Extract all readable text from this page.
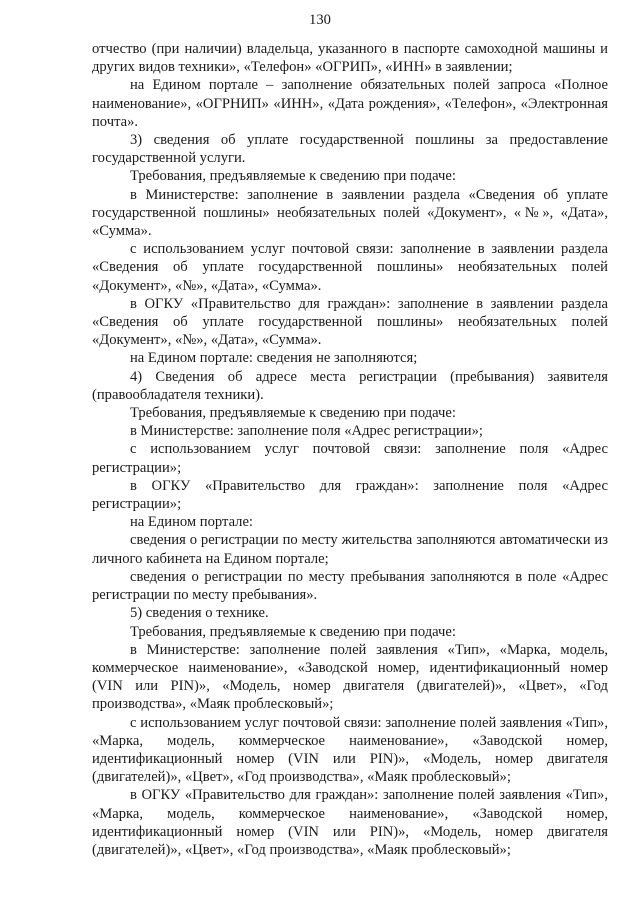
130

отчество (при наличии) владельца, указанного в паспорте самоходной машины и других видов техники», «Телефон» «ОГРИП», «ИНН» в заявлении;

на Едином портале – заполнение обязательных полей запроса «Полное наименование», «ОГРНИП» «ИНН», «Дата рождения», «Телефон», «Электронная почта».

3) сведения об уплате государственной пошлины за предоставление государственной услуги.

Требования, предъявляемые к сведению при подаче:

в Министерстве: заполнение в заявлении раздела «Сведения об уплате государственной пошлины» необязательных полей «Документ», «№», «Дата», «Сумма».

с использованием услуг почтовой связи: заполнение в заявлении раздела «Сведения об уплате государственной пошлины» необязательных полей «Документ», «№», «Дата», «Сумма».

в ОГКУ «Правительство для граждан»: заполнение в заявлении раздела «Сведения об уплате государственной пошлины» необязательных полей «Документ», «№», «Дата», «Сумма».

на Едином портале: сведения не заполняются;

4) Сведения об адресе места регистрации (пребывания) заявителя (правообладателя техники).

Требования, предъявляемые к сведению при подаче:

в Министерстве: заполнение поля «Адрес регистрации»;

с использованием услуг почтовой связи: заполнение поля «Адрес регистрации»;

в ОГКУ «Правительство для граждан»: заполнение поля «Адрес регистрации»;

на Едином портале:

сведения о регистрации по месту жительства заполняются автоматически из личного кабинета на Едином портале;

сведения о регистрации по месту пребывания заполняются в поле «Адрес регистрации по месту пребывания».

5) сведения о технике.

Требования, предъявляемые к сведению при подаче:

в Министерстве: заполнение полей заявления «Тип», «Марка, модель, коммерческое наименование», «Заводской номер, идентификационный номер (VIN или PIN)», «Модель, номер двигателя (двигателей)», «Цвет», «Год производства», «Маяк проблесковый»;

с использованием услуг почтовой связи: заполнение полей заявления «Тип», «Марка, модель, коммерческое наименование», «Заводской номер, идентификационный номер (VIN или PIN)», «Модель, номер двигателя (двигателей)», «Цвет», «Год производства», «Маяк проблесковый»;

в ОГКУ «Правительство для граждан»: заполнение полей заявления «Тип», «Марка, модель, коммерческое наименование», «Заводской номер, идентификационный номер (VIN или PIN)», «Модель, номер двигателя (двигателей)», «Цвет», «Год производства», «Маяк проблесковый»;
